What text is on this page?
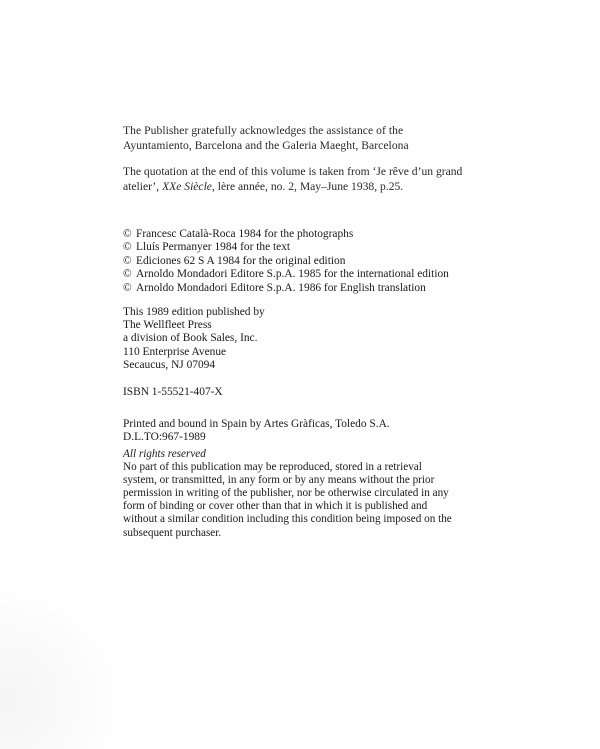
The Publisher gratefully acknowledges the assistance of the
Ayuntamiento, Barcelona and the Galeria Maeght, Barcelona
The quotation at the end of this volume is taken from ‘Je rêve d’un grand
atelier’, XXe Siècle, lère année, no. 2, May–June 1938, p.25.
© Francesc Català-Roca 1984 for the photographs
© Lluís Permanyer 1984 for the text
© Ediciones 62 S A 1984 for the original edition
© Arnoldo Mondadori Editore S.p.A. 1985 for the international edition
© Arnoldo Mondadori Editore S.p.A. 1986 for English translation
This 1989 edition published by
The Wellfleet Press
a division of Book Sales, Inc.
110 Enterprise Avenue
Secaucus, NJ 07094
ISBN 1-55521-407-X
Printed and bound in Spain by Artes Gràficas, Toledo S.A.
D.L.TO:967-1989
All rights reserved
No part of this publication may be reproduced, stored in a retrieval
system, or transmitted, in any form or by any means without the prior
permission in writing of the publisher, nor be otherwise circulated in any
form of binding or cover other than that in which it is published and
without a similar condition including this condition being imposed on the
subsequent purchaser.
